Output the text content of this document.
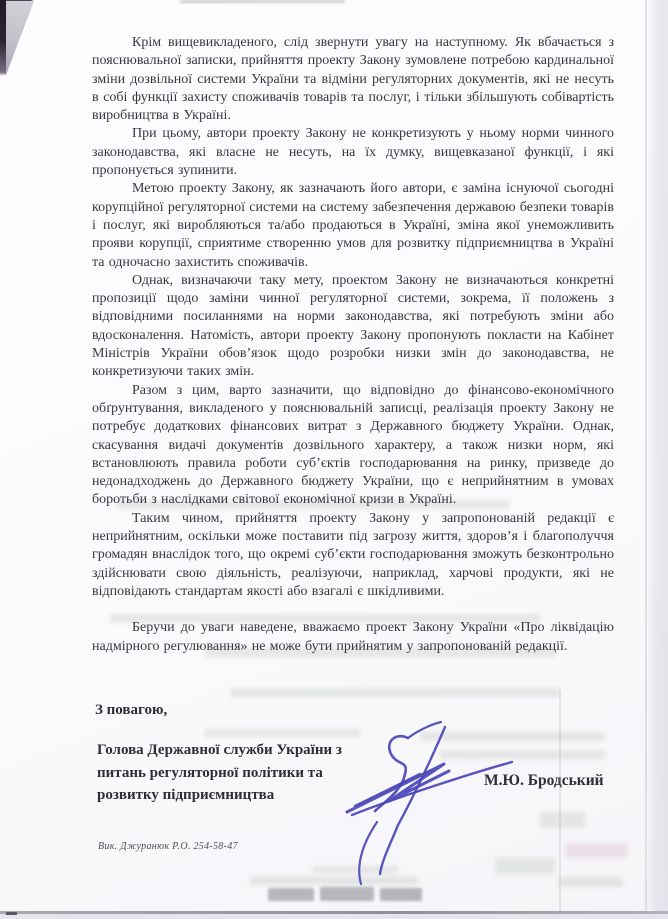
Крім вищевикладеного, слід звернути увагу на наступному. Як вбачається з пояснювальної записки, прийняття проекту Закону зумовлене потребою кардинальної зміни дозвільної системи України та відміни регуляторних документів, які не несуть в собі функції захисту споживачів товарів та послуг, і тільки збільшують собівартість виробництва в Україні.

При цьому, автори проекту Закону не конкретизують у ньому норми чинного законодавства, які власне не несуть, на їх думку, вищевказаної функції, і які пропонується зупинити.

Метою проекту Закону, як зазначають його автори, є заміна існуючої сьогодні корупційної регуляторної системи на систему забезпечення державою безпеки товарів і послуг, які виробляються та/або продаються в Україні, зміна якої унеможливить прояви корупції, сприятиме створенню умов для розвитку підприємництва в Україні та одночасно захистить споживачів.

Однак, визначаючи таку мету, проектом Закону не визначаються конкретні пропозиції щодо заміни чинної регуляторної системи, зокрема, її положень з відповідними посиланнями на норми законодавства, які потребують зміни або вдосконалення. Натомість, автори проекту Закону пропонують покласти на Кабінет Міністрів України обов’язок щодо розробки низки змін до законодавства, не конкретизуючи таких змін.

Разом з цим, варто зазначити, що відповідно до фінансово-економічного обґрунтування, викладеного у пояснювальній записці, реалізація проекту Закону не потребує додаткових фінансових витрат з Державного бюджету України. Однак, скасування видачі документів дозвільного характеру, а також низки норм, які встановлюють правила роботи суб’єктів господарювання на ринку, призведе до недонадходжень до Державного бюджету України, що є неприйнятним в умовах боротьби з наслідками світової економічної кризи в Україні.

Таким чином, прийняття проекту Закону у запропонованій редакції є неприйнятним, оскільки може поставити під загрозу життя, здоров’я і благополуччя громадян внаслідок того, що окремі суб’єкти господарювання зможуть безконтрольно здійснювати свою діяльність, реалізуючи, наприклад, харчові продукти, які не відповідають стандартам якості або взагалі є шкідливими.

Беручи до уваги наведене, вважаємо проект Закону України «Про ліквідацію надмірного регулювання» не може бути прийнятим у запропонованій редакції.

З повагою,
Голова Державної служби України з
питань регуляторної політики та
розвитку підприємництва
М.Ю. Бродський
Вик. Джуранюк Р.О. 254-58-47
